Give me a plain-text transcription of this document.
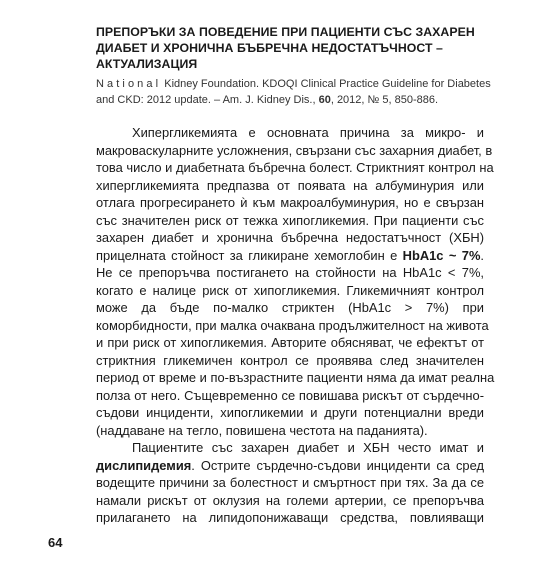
ПРЕПОРЪКИ ЗА ПОВЕДЕНИЕ ПРИ ПАЦИЕНТИ СЪС ЗАХАРЕН
ДИАБЕТ И ХРОНИЧНА БЪБРЕЧНА НЕДОСТАТЪЧНОСТ –
АКТУАЛИЗАЦИЯ
National Kidney Foundation. KDOQI Clinical Practice Guideline for Diabetes
and CKD: 2012 update. – Am. J. Kidney Dis., 60, 2012, № 5, 850-886.
Хипергликемията е основната причина за микро- и
макроваскуларните усложнения, свързани със захарния диабет, в
това число и диабетната бъбречна болест. Стриктният контрол на
хипергликемията предпазва от появата на албуминурия или
отлага прогресирането ѝ към макроалбуминурия, но е свързан
със значителен риск от тежка хипогликемия. При пациенти със
захарен диабет и хронична бъбречна недостатъчност (ХБН)
прицелната стойност за гликиране хемоглобин е HbA1c ~ 7%.
Не се препоръчва постигането на стойности на HbA1c < 7%,
когато е налице риск от хипогликемия. Гликемичният контрол
може да бъде по-малко стриктен (HbA1c > 7%) при
коморбидности, при малка очаквана продължителност на живота
и при риск от хипогликемия. Авторите обясняват, че ефектът от
стриктния гликемичен контрол се проявява след значителен
период от време и по-възрастните пациенти няма да имат реална
полза от него. Същевременно се повишава рискът от сърдечно-
съдови инциденти, хипогликемии и други потенциални вреди
(наддаване на тегло, повишена честота на паданията).
Пациентите със захарен диабет и ХБН често имат и
дислипидемия. Острите сърдечно-съдови инциденти са сред
водещите причини за болестност и смъртност при тях. За да се
намали рискът от оклузия на големи артерии, се препоръчва
прилагането на липидопонижаващи средства, повлияващи
64
